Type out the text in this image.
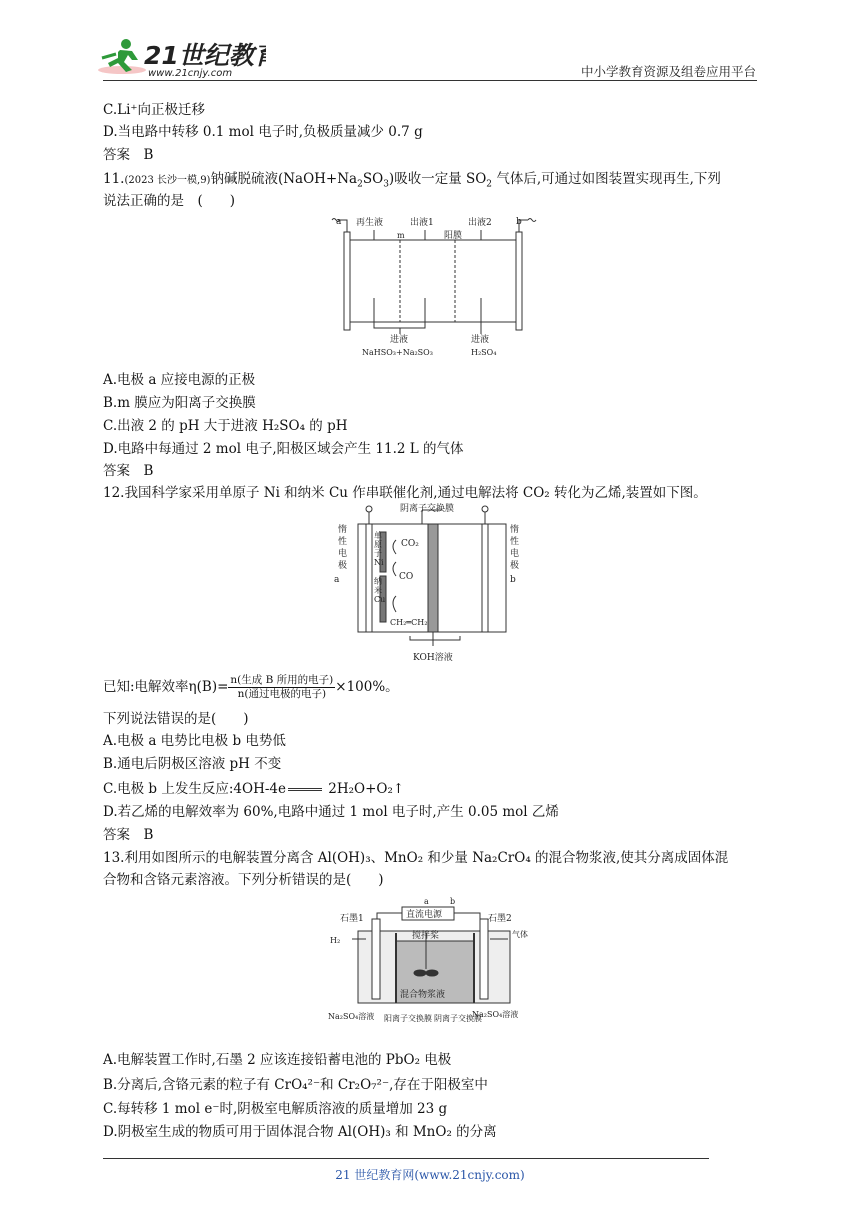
21世纪教育
www.21cnjy.com	中小学教育资源及组卷应用平台
C.Li⁺向正极迁移
D.当电路中转移 0.1 mol 电子时,负极质量减少 0.7 g
答案　B
11.(2023 长沙一模,9)钠碱脱硫液$(NaOH+Na_2SO_3)$吸收一定量 $SO_2$ 气体后,可通过如图装置实现再生,下列
说法正确的是　(　　)
a	b
再生液	出液1	出液2
m	阳膜
进液
NaHSO₃+Na₂SO₃
进液
H₂SO₄
A.电极 a 应接电源的正极
B.m 膜应为阳离子交换膜
C.出液 2 的 pH 大于进液 H₂SO₄ 的 pH
D.电路中每通过 2 mol 电子,阳极区域会产生 11.2 L 的气体
答案　B
12.我国科学家采用单原子 Ni 和纳米 Cu 作串联催化剂,通过电解法将 CO₂ 转化为乙烯,装置如下图。
CO₂
CO
CH₂═CH₂
阴离子交换膜
KOH溶液
a	b
惰
性
电
极
惰
性
电
极
单
原
子
Ni
纳
米
Cu
已知:电解效率$\eta(B)= \frac{\text{n(生成 B 所用的电子)}}{\text{n(通过电极的电子)}} \times 100\%$。
下列说法错误的是(　　)
A.电极 a 电势比电极 b 电势低
B.通电后阴极区溶液 pH 不变
C.电极 b 上发生反应:4OH-4e	2H₂O+O₂↑
D.若乙烯的电解效率为 60%,电路中通过 1 mol 电子时,产生 0.05 mol 乙烯
答案　B
13.利用如图所示的电解装置分离含 Al(OH)₃、MnO₂ 和少量 Na₂CrO₄ 的混合物浆液,使其分离成固体混
合物和含铬元素溶液。下列分析错误的是(　　)
a	b
直流电源
石墨1	石墨2
H₂
气体
搅拌桨
混合物浆液
Na₂SO₄溶液	Na₂SO₄溶液
阳离子交换膜 阴离子交换膜
A.电解装置工作时,石墨 2 应该连接铅蓄电池的 PbO₂ 电极
B.分离后,含铬元素的粒子有 CrO₄²⁻和 Cr₂O₇²⁻,存在于阳极室中
C.每转移 1 mol e⁻时,阴极室电解质溶液的质量增加 23 g
D.阴极室生成的物质可用于固体混合物 Al(OH)₃ 和 MnO₂ 的分离
21 世纪教育网(www.21cnjy.com)
